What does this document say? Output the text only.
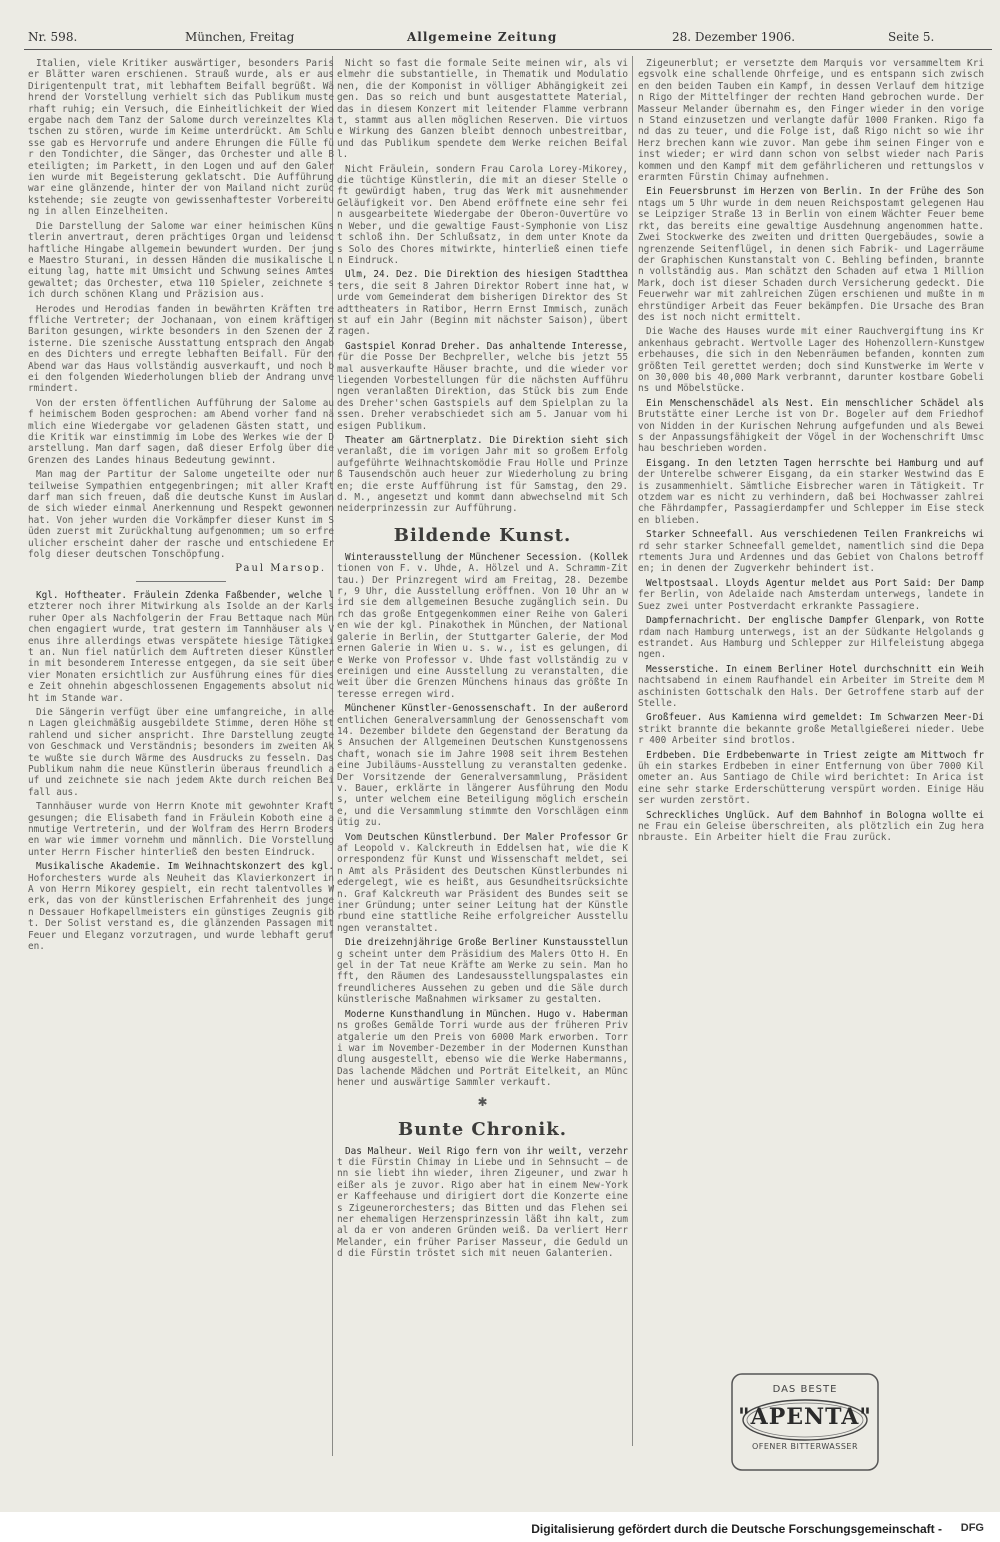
Nr. 598.	München, Freitag	Allgemeine Zeitung	28. Dezember 1906.	Seite 5.

Italien, viele Kritiker auswärtiger, besonders Pariser Blätter waren erschienen. Strauß wurde, als er aus Dirigentenpult trat, mit lebhaftem Beifall begrüßt. Während der Vorstellung verhielt sich das Publikum musterhaft ruhig; ein Versuch, die Einheitlichkeit der Wiedergabe nach dem Tanz der Salome durch vereinzeltes Klatschen zu stören, wurde im Keime unterdrückt. Am Schlusse gab es Hervorrufe und andere Ehrungen die Fülle für den Tondichter, die Sänger, das Orchester und alle Beteiligten; im Parkett, in den Logen und auf den Galerien wurde mit Begeisterung geklatscht. Die Aufführung war eine glänzende, hinter der von Mailand nicht zurückstehende; sie zeugte von gewissenhaftester Vorbereitung in allen Einzelheiten.

Die Darstellung der Salome war einer heimischen Künstlerin anvertraut, deren prächtiges Organ und leidenschaftliche Hingabe allgemein bewundert wurden. Der junge Maestro Sturani, in dessen Händen die musikalische Leitung lag, hatte mit Umsicht und Schwung seines Amtes gewaltet; das Orchester, etwa 110 Spieler, zeichnete sich durch schönen Klang und Präzision aus.

Herodes und Herodias fanden in bewährten Kräften treffliche Vertreter; der Jochanaan, von einem kräftigen Bariton gesungen, wirkte besonders in den Szenen der Zisterne. Die szenische Ausstattung entsprach den Angaben des Dichters und erregte lebhaften Beifall. Für den Abend war das Haus vollständig ausverkauft, und noch bei den folgenden Wiederholungen blieb der Andrang unvermindert.

Von der ersten öffentlichen Aufführung der Salome auf heimischem Boden gesprochen: am Abend vorher fand nämlich eine Wiedergabe vor geladenen Gästen statt, und die Kritik war einstimmig im Lobe des Werkes wie der Darstellung. Man darf sagen, daß dieser Erfolg über die Grenzen des Landes hinaus Bedeutung gewinnt.

Man mag der Partitur der Salome ungeteilte oder nur teilweise Sympathien entgegenbringen; mit aller Kraft darf man sich freuen, daß die deutsche Kunst im Auslande sich wieder einmal Anerkennung und Respekt gewonnen hat. Von jeher wurden die Vorkämpfer dieser Kunst im Süden zuerst mit Zurückhaltung aufgenommen; um so erfreulicher erscheint daher der rasche und entschiedene Erfolg dieser deutschen Tonschöpfung.

Paul Marsop.

Kgl. Hoftheater. Fräulein Zdenka Faßbender, welche letzterer noch ihrer Mitwirkung als Isolde an der Karlsruher Oper als Nachfolgerin der Frau Bettaque nach München engagiert wurde, trat gestern im Tannhäuser als Venus ihre allerdings etwas verspätete hiesige Tätigkeit an. Nun fiel natürlich dem Auftreten dieser Künstlerin mit besonderem Interesse entgegen, da sie seit über vier Monaten ersichtlich zur Ausführung eines für diese Zeit ohnehin abgeschlossenen Engagements absolut nicht im Stande war.

Die Sängerin verfügt über eine umfangreiche, in allen Lagen gleichmäßig ausgebildete Stimme, deren Höhe strahlend und sicher anspricht. Ihre Darstellung zeugte von Geschmack und Verständnis; besonders im zweiten Akte wußte sie durch Wärme des Ausdrucks zu fesseln. Das Publikum nahm die neue Künstlerin überaus freundlich auf und zeichnete sie nach jedem Akte durch reichen Beifall aus.

Tannhäuser wurde von Herrn Knote mit gewohnter Kraft gesungen; die Elisabeth fand in Fräulein Koboth eine anmutige Vertreterin, und der Wolfram des Herrn Brodersen war wie immer vornehm und männlich. Die Vorstellung unter Herrn Fischer hinterließ den besten Eindruck.

Musikalische Akademie. Im Weihnachtskonzert des kgl. Hoforchesters wurde als Neuheit das Klavierkonzert in A von Herrn Mikorey gespielt, ein recht talentvolles Werk, das von der künstlerischen Erfahrenheit des jungen Dessauer Hofkapellmeisters ein günstiges Zeugnis gibt. Der Solist verstand es, die glänzenden Passagen mit Feuer und Eleganz vorzutragen, und wurde lebhaft gerufen.

Nicht so fast die formale Seite meinen wir, als vielmehr die substantielle, in Thematik und Modulationen, die der Komponist in völliger Abhängigkeit zeigen. Das so reich und bunt ausgestattete Material, das in diesem Konzert mit leitender Flamme verbrannt, stammt aus allen möglichen Reserven. Die virtuose Wirkung des Ganzen bleibt dennoch unbestreitbar, und das Publikum spendete dem Werke reichen Beifall.

Nicht Fräulein, sondern Frau Carola Lorey-Mikorey, die tüchtige Künstlerin, die mit an dieser Stelle oft gewürdigt haben, trug das Werk mit ausnehmender Geläufigkeit vor. Den Abend eröffnete eine sehr fein ausgearbeitete Wiedergabe der Oberon-Ouvertüre von Weber, und die gewaltige Faust-Symphonie von Liszt schloß ihn. Der Schlußsatz, in dem unter Knote das Solo des Chores mitwirkte, hinterließ einen tiefen Eindruck.

Ulm, 24. Dez. Die Direktion des hiesigen Stadttheaters, die seit 8 Jahren Direktor Robert inne hat, wurde vom Gemeinderat dem bisherigen Direktor des Stadttheaters in Ratibor, Herrn Ernst Immisch, zunächst auf ein Jahr (Beginn mit nächster Saison), übertragen.

Gastspiel Konrad Dreher. Das anhaltende Interesse, für die Posse Der Bechpreller, welche bis jetzt 55 mal ausverkaufte Häuser brachte, und die wieder vorliegenden Vorbestellungen für die nächsten Aufführungen veranlaßten Direktion, das Stück bis zum Ende des Dreher'schen Gastspiels auf dem Spielplan zu lassen. Dreher verabschiedet sich am 5. Januar vom hiesigen Publikum.

Theater am Gärtnerplatz. Die Direktion sieht sich veranlaßt, die im vorigen Jahr mit so großem Erfolg aufgeführte Weihnachtskomödie Frau Holle und Prinzeß Tausendschön auch heuer zur Wiederholung zu bringen; die erste Aufführung ist für Samstag, den 29. d. M., angesetzt und kommt dann abwechselnd mit Schneiderprinzessin zur Aufführung.

Bildende Kunst.

Winterausstellung der Münchener Secession. (Kollektionen von F. v. Uhde, A. Hölzel und A. Schramm-Zittau.) Der Prinzregent wird am Freitag, 28. Dezember, 9 Uhr, die Ausstellung eröffnen. Von 10 Uhr an wird sie dem allgemeinen Besuche zugänglich sein. Durch das große Entgegenkommen einer Reihe von Galerien wie der kgl. Pinakothek in München, der Nationalgalerie in Berlin, der Stuttgarter Galerie, der Modernen Galerie in Wien u. s. w., ist es gelungen, die Werke von Professor v. Uhde fast vollständig zu vereinigen und eine Ausstellung zu veranstalten, die weit über die Grenzen Münchens hinaus das größte Interesse erregen wird.

Münchener Künstler-Genossenschaft. In der außerordentlichen Generalversammlung der Genossenschaft vom 14. Dezember bildete den Gegenstand der Beratung das Ansuchen der Allgemeinen Deutschen Kunstgenossenschaft, wonach sie im Jahre 1908 seit ihrem Bestehen eine Jubiläums-Ausstellung zu veranstalten gedenke. Der Vorsitzende der Generalversammlung, Präsident v. Bauer, erklärte in längerer Ausführung den Modus, unter welchem eine Beteiligung möglich erscheine, und die Versammlung stimmte den Vorschlägen einmütig zu.

Vom Deutschen Künstlerbund. Der Maler Professor Graf Leopold v. Kalckreuth in Eddelsen hat, wie die Korrespondenz für Kunst und Wissenschaft meldet, sein Amt als Präsident des Deutschen Künstlerbundes niedergelegt, wie es heißt, aus Gesundheitsrücksichten. Graf Kalckreuth war Präsident des Bundes seit seiner Gründung; unter seiner Leitung hat der Künstlerbund eine stattliche Reihe erfolgreicher Ausstellungen veranstaltet.

Die dreizehnjährige Große Berliner Kunstausstellung scheint unter dem Präsidium des Malers Otto H. Engel in der Tat neue Kräfte am Werke zu sein. Man hofft, den Räumen des Landesausstellungspalastes ein freundlicheres Aussehen zu geben und die Säle durch künstlerische Maßnahmen wirksamer zu gestalten.

Moderne Kunsthandlung in München. Hugo v. Habermanns großes Gemälde Torri wurde aus der früheren Privatgalerie um den Preis von 6000 Mark erworben. Torri war im November-Dezember in der Modernen Kunsthandlung ausgestellt, ebenso wie die Werke Habermanns, Das lachende Mädchen und Porträt Eitelkeit, an Münchener und auswärtige Sammler verkauft.

✱
Bunte Chronik.

Das Malheur. Weil Rigo fern von ihr weilt, verzehrt die Fürstin Chimay in Liebe und in Sehnsucht — denn sie liebt ihn wieder, ihren Zigeuner, und zwar heißer als je zuvor. Rigo aber hat in einem New-Yorker Kaffeehause und dirigiert dort die Konzerte eines Zigeunerorchesters; das Bitten und das Flehen seiner ehemaligen Herzensprinzessin läßt ihn kalt, zumal da er von anderen Gründen weiß. Da verliert Herr Melander, ein früher Pariser Masseur, die Geduld und die Fürstin tröstet sich mit neuen Galanterien.

Zigeunerblut; er versetzte dem Marquis vor versammeltem Kriegsvolk eine schallende Ohrfeige, und es entspann sich zwischen den beiden Tauben ein Kampf, in dessen Verlauf dem hitzigen Rigo der Mittelfinger der rechten Hand gebrochen wurde. Der Masseur Melander übernahm es, den Finger wieder in den vorigen Stand einzusetzen und verlangte dafür 1000 Franken. Rigo fand das zu teuer, und die Folge ist, daß Rigo nicht so wie ihr Herz brechen kann wie zuvor. Man gebe ihm seinen Finger von einst wieder; er wird dann schon von selbst wieder nach Paris kommen und den Kampf mit dem gefährlicheren und rettungslos verarmten Fürstin Chimay aufnehmen.

Ein Feuersbrunst im Herzen von Berlin. In der Frühe des Sonntags um 5 Uhr wurde in dem neuen Reichspostamt gelegenen Hause Leipziger Straße 13 in Berlin von einem Wächter Feuer bemerkt, das bereits eine gewaltige Ausdehnung angenommen hatte. Zwei Stockwerke des zweiten und dritten Quergebäudes, sowie angrenzende Seitenflügel, in denen sich Fabrik- und Lagerräume der Graphischen Kunstanstalt von C. Behling befinden, brannten vollständig aus. Man schätzt den Schaden auf etwa 1 Million Mark, doch ist dieser Schaden durch Versicherung gedeckt. Die Feuerwehr war mit zahlreichen Zügen erschienen und mußte in mehrstündiger Arbeit das Feuer bekämpfen. Die Ursache des Brandes ist noch nicht ermittelt.

Die Wache des Hauses wurde mit einer Rauchvergiftung ins Krankenhaus gebracht. Wertvolle Lager des Hohenzollern-Kunstgewerbehauses, die sich in den Nebenräumen befanden, konnten zum größten Teil gerettet werden; doch sind Kunstwerke im Werte von 30,000 bis 40,000 Mark verbrannt, darunter kostbare Gobelins und Möbelstücke.

Ein Menschenschädel als Nest. Ein menschlicher Schädel als Brutstätte einer Lerche ist von Dr. Bogeler auf dem Friedhof von Nidden in der Kurischen Nehrung aufgefunden und als Beweis der Anpassungsfähigkeit der Vögel in der Wochenschrift Umschau beschrieben worden.

Eisgang. In den letzten Tagen herrschte bei Hamburg und auf der Unterelbe schwerer Eisgang, da ein starker Westwind das Eis zusammenhielt. Sämtliche Eisbrecher waren in Tätigkeit. Trotzdem war es nicht zu verhindern, daß bei Hochwasser zahlreiche Fährdampfer, Passagierdampfer und Schlepper im Eise stecken blieben.

Starker Schneefall. Aus verschiedenen Teilen Frankreichs wird sehr starker Schneefall gemeldet, namentlich sind die Departements Jura und Ardennes und das Gebiet von Chalons betroffen; in denen der Zugverkehr behindert ist.

Weltpostsaal. Lloyds Agentur meldet aus Port Said: Der Dampfer Berlin, von Adelaide nach Amsterdam unterwegs, landete in Suez zwei unter Postverdacht erkrankte Passagiere.

Dampfernachricht. Der englische Dampfer Glenpark, von Rotterdam nach Hamburg unterwegs, ist an der Südkante Helgolands gestrandet. Aus Hamburg und Schlepper zur Hilfeleistung abgegangen.

Messerstiche. In einem Berliner Hotel durchschnitt ein Weihnachtsabend in einem Raufhandel ein Arbeiter im Streite dem Maschinisten Gottschalk den Hals. Der Getroffene starb auf der Stelle.

Großfeuer. Aus Kamienna wird gemeldet: Im Schwarzen Meer-Distrikt brannte die bekannte große Metallgießerei nieder. Ueber 400 Arbeiter sind brotlos.

Erdbeben. Die Erdbebenwarte in Triest zeigte am Mittwoch früh ein starkes Erdbeben in einer Entfernung von über 7000 Kilometer an. Aus Santiago de Chile wird berichtet: In Arica ist eine sehr starke Erderschütterung verspürt worden. Einige Häuser wurden zerstört.

Schreckliches Unglück. Auf dem Bahnhof in Bologna wollte eine Frau ein Geleise überschreiten, als plötzlich ein Zug heranbrauste. Ein Arbeiter hielt die Frau zurück.

DAS BESTE
"APENTA"
OFENER BITTERWASSER
Digitalisierung gefördert durch die Deutsche Forschungsgemeinschaft - DFG
